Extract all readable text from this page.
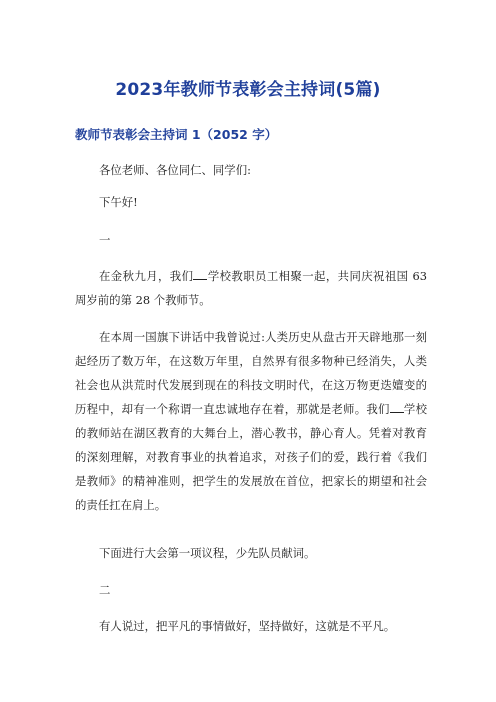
2023年教师节表彰会主持词(5篇)
教师节表彰会主持词 1（2052 字）

各位老师、各位同仁、同学们:

下午好!

一

在金秋九月，我们 学校教职员工相聚一起，共同庆祝祖国 63 周岁前的第 28 个教师节。

在本周一国旗下讲话中我曾说过:人类历史从盘古开天辟地那一刻起经历了数万年，在这数万年里，自然界有很多物种已经消失，人类社会也从洪荒时代发展到现在的科技文明时代，在这万物更迭嬗变的历程中，却有一个称谓一直忠诚地存在着，那就是老师。我们 学校的教师站在湖区教育的大舞台上，潜心教书，静心育人。凭着对教育的深刻理解，对教育事业的执着追求，对孩子们的爱，践行着《我们是教师》的精神准则，把学生的发展放在首位，把家长的期望和社会的责任扛在肩上。

下面进行大会第一项议程，少先队员献词。

二

有人说过，把平凡的事情做好，坚持做好，这就是不平凡。
